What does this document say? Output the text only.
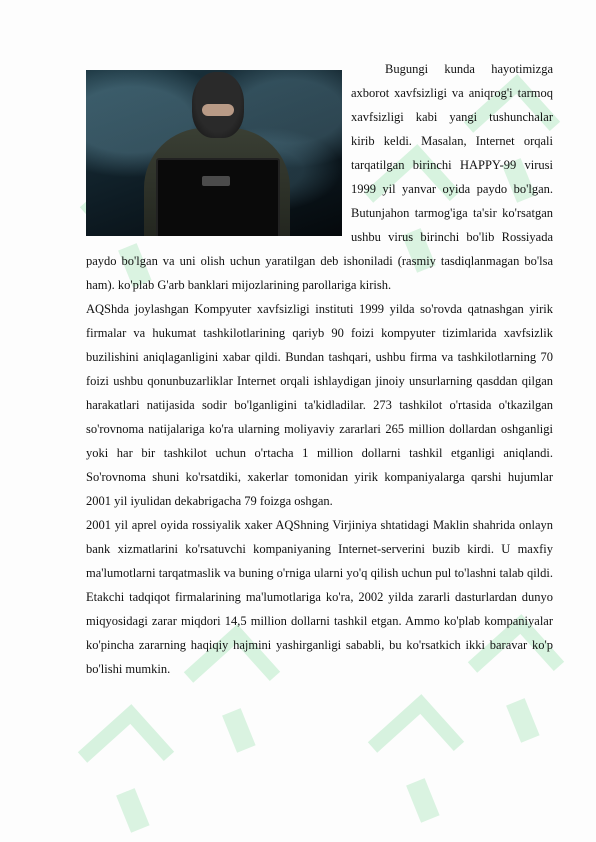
Bugungi kunda hayotimizga axborot xavfsizligi va aniqrog'i tarmoq xavfsizligi kabi yangi tushunchalar kirib keldi. Masalan, Internet orqali tarqatilgan birinchi HAPPY-99 virusi 1999 yil yanvar oyida paydo bo'lgan. Butunjahon tarmog'iga ta'sir ko'rsatgan ushbu virus birinchi bo'lib Rossiyada paydo bo'lgan va uni olish uchun yaratilgan deb ishoniladi (rasmiy tasdiqlanmagan bo'lsa ham). ko'plab G'arb banklari mijozlarining parollariga kirish.

AQShda joylashgan Kompyuter xavfsizligi instituti 1999 yilda so'rovda qatnashgan yirik firmalar va hukumat tashkilotlarining qariyb 90 foizi kompyuter tizimlarida xavfsizlik buzilishini aniqlaganligini xabar qildi. Bundan tashqari, ushbu firma va tashkilotlarning 70 foizi ushbu qonunbuzarliklar Internet orqali ishlaydigan jinoiy unsurlarning qasddan qilgan harakatlari natijasida sodir bo'lganligini ta'kidladilar. 273 tashkilot o'rtasida o'tkazilgan so'rovnoma natijalariga ko'ra ularning moliyaviy zararlari 265 million dollardan oshganligi yoki har bir tashkilot uchun o'rtacha 1 million dollarni tashkil etganligi aniqlandi. So'rovnoma shuni ko'rsatdiki, xakerlar tomonidan yirik kompaniyalarga qarshi hujumlar 2001 yil iyulidan dekabrigacha 79 foizga oshgan.

2001 yil aprel oyida rossiyalik xaker AQShning Virjiniya shtatidagi Maklin shahrida onlayn bank xizmatlarini ko'rsatuvchi kompaniyaning Internet-serverini buzib kirdi. U maxfiy ma'lumotlarni tarqatmaslik va buning o'rniga ularni yo'q qilish uchun pul to'lashni talab qildi. Etakchi tadqiqot firmalarining ma'lumotlariga ko'ra, 2002 yilda zararli dasturlardan dunyo miqyosidagi zarar miqdori 14,5 million dollarni tashkil etgan. Ammo ko'plab kompaniyalar ko'pincha zararning haqiqiy hajmini yashirganligi sababli, bu ko'rsatkich ikki baravar ko'p bo'lishi mumkin.
